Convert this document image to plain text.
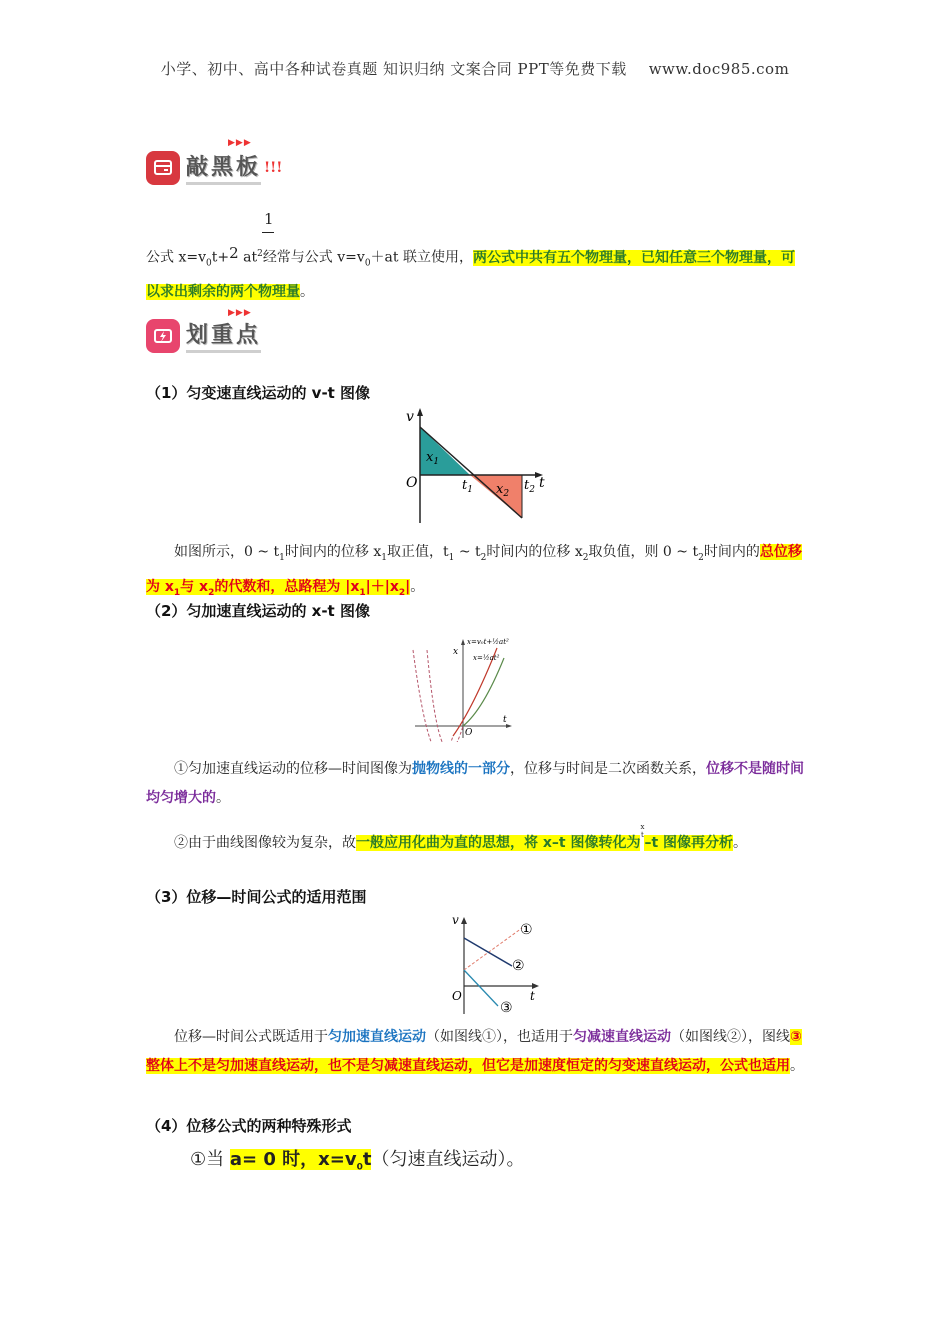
小学、初中、高中各种试卷真题 知识归纳 文案合同 PPT等免费下载 www.doc985.com
▶▶▶
敲黑板 !!!
1
公式 $x=v_0t+2$ $at^2$经常与公式 $v=v_0+at$ 联立使用，两公式中共有五个物理量，已知任意三个物理量，可以求出剩余的两个物理量。
▶▶▶
划重点
（1）匀变速直线运动的 v-t 图像
v
O
$x_1$
$x_2$
$t_1$	$t_2$ t
如图所示，0 ~ $t_1$时间内的位移 $x_1$取正值，$t_1$ ~ $t_2$时间内的位移 $x_2$取负值，则 0 ~ $t_2$时间内的总位移为 $x_1$与 $x_2$的代数和，总路程为 $|x_1|+|x_2|$。
（2）匀加速直线运动的 x-t 图像
x
O
t
x=v₀t+½at²
x=½at²
①匀加速直线运动的位移—时间图像为抛物线的一部分，位移与时间是二次函数关系，位移不是随时间均匀增大的。
②由于曲线图像较为复杂，故一般应用化曲为直的思想，将 x–t 图像转化为x
t–t 图像再分析。
（3）位移—时间公式的适用范围
v
O	t
①
②
③
位移—时间公式既适用于匀加速直线运动（如图线①），也适用于匀减速直线运动（如图线②），图线③整体上不是匀加速直线运动，也不是匀减速直线运动，但它是加速度恒定的匀变速直线运动，公式也适用。
（4）位移公式的两种特殊形式
①当 a= 0 时，$x=v_0t$（匀速直线运动）。
